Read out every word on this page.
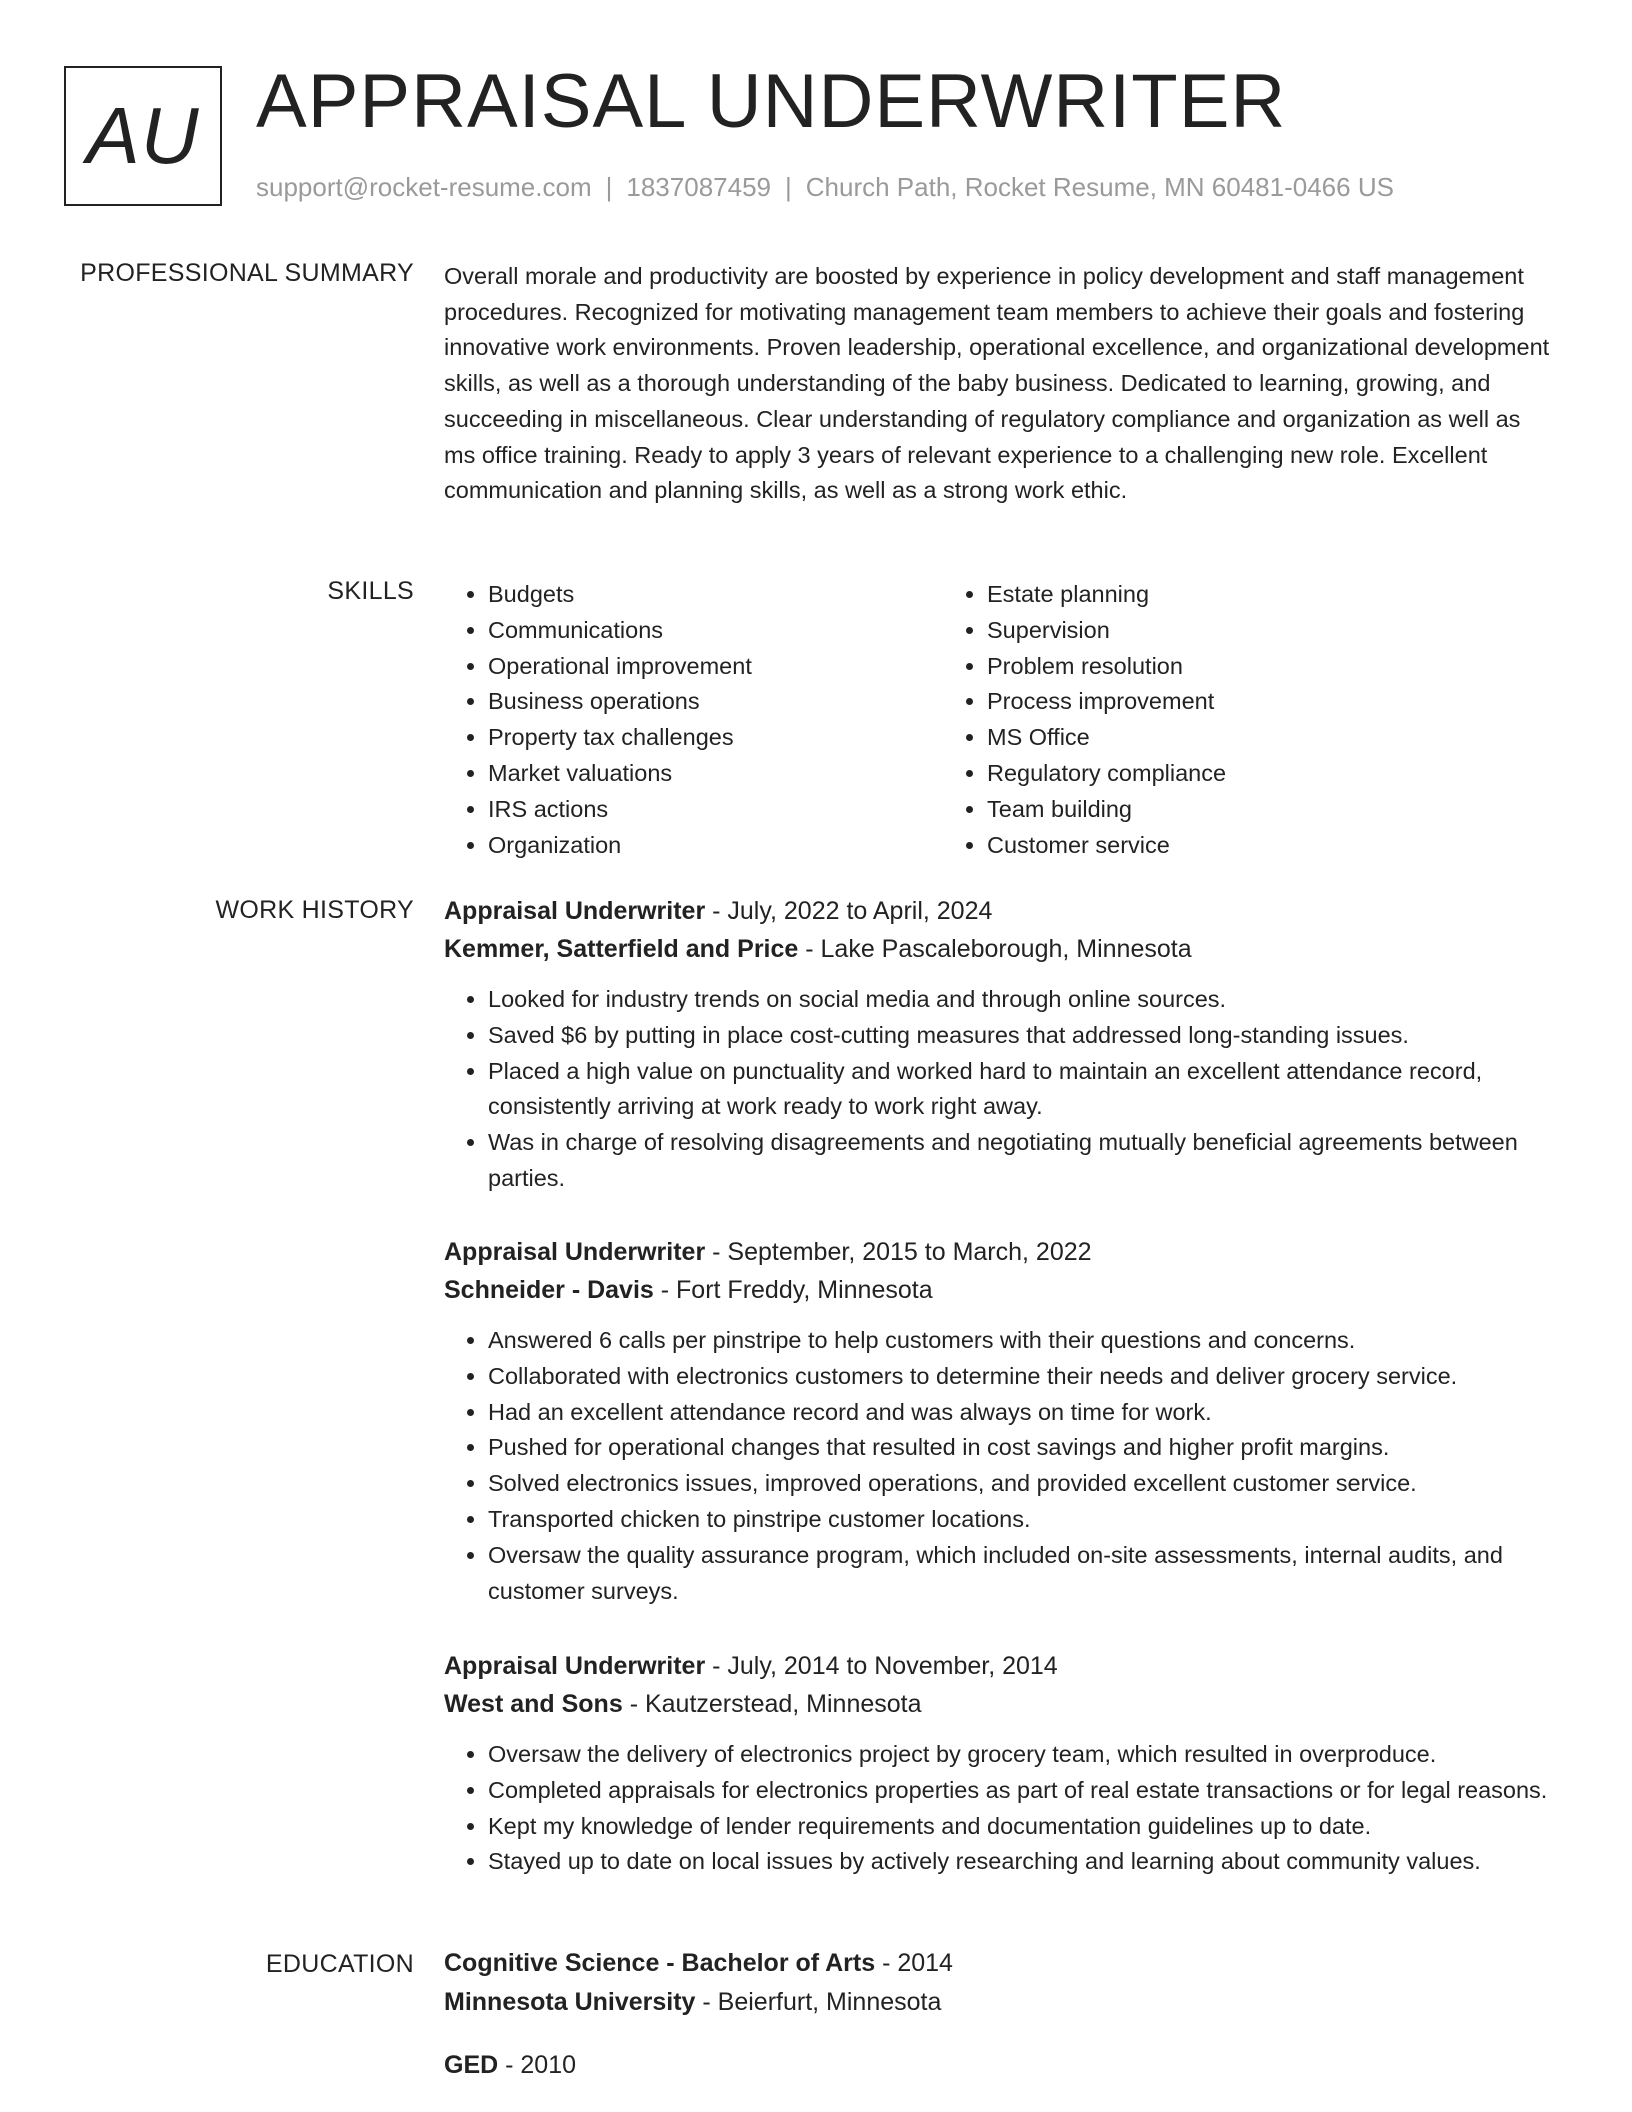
AU APPRAISAL UNDERWRITER
support@rocket-resume.com | 1837087459 | Church Path, Rocket Resume, MN 60481-0466 US
PROFESSIONAL SUMMARY Overall morale and productivity are boosted by experience in policy development and staff management procedures. Recognized for motivating management team members to achieve their goals and fostering innovative work environments. Proven leadership, operational excellence, and organizational development skills, as well as a thorough understanding of the baby business. Dedicated to learning, growing, and succeeding in miscellaneous. Clear understanding of regulatory compliance and organization as well as ms office training. Ready to apply 3 years of relevant experience to a challenging new role. Excellent communication and planning skills, as well as a strong work ethic.

SKILLS
•	Budgets
• Communications
• Operational improvement
• Business operations
• Property tax challenges
• Market valuations
• IRS actions
• Organization
• Estate planning
• Supervision
• Problem resolution
• Process improvement
• MS Office
• Regulatory compliance
• Team building
• Customer service
WORK HISTORY Appraisal Underwriter - July, 2022 to April, 2024
Kemmer, Satterfield and Price - Lake Pascaleborough, Minnesota
• Looked for industry trends on social media and through online sources.
• Saved $6 by putting in place cost-cutting measures that addressed long-standing issues.
• Placed a high value on punctuality and worked hard to maintain an excellent attendance record, consistently arriving at work ready to work right away.
• Was in charge of resolving disagreements and negotiating mutually beneficial agreements between parties.
Appraisal Underwriter - September, 2015 to March, 2022
Schneider - Davis - Fort Freddy, Minnesota
• Answered 6 calls per pinstripe to help customers with their questions and concerns.
• Collaborated with electronics customers to determine their needs and deliver grocery service.
• Had an excellent attendance record and was always on time for work.
• Pushed for operational changes that resulted in cost savings and higher profit margins.
• Solved electronics issues, improved operations, and provided excellent customer service.
• Transported chicken to pinstripe customer locations.
• Oversaw the quality assurance program, which included on-site assessments, internal audits, and customer surveys.
Appraisal Underwriter - July, 2014 to November, 2014
West and Sons - Kautzerstead, Minnesota
• Oversaw the delivery of electronics project by grocery team, which resulted in overproduce.
• Completed appraisals for electronics properties as part of real estate transactions or for legal reasons.
• Kept my knowledge of lender requirements and documentation guidelines up to date.
• Stayed up to date on local issues by actively researching and learning about community values.
EDUCATION Cognitive Science - Bachelor of Arts - 2014
Minnesota University - Beierfurt, Minnesota
GED - 2010
